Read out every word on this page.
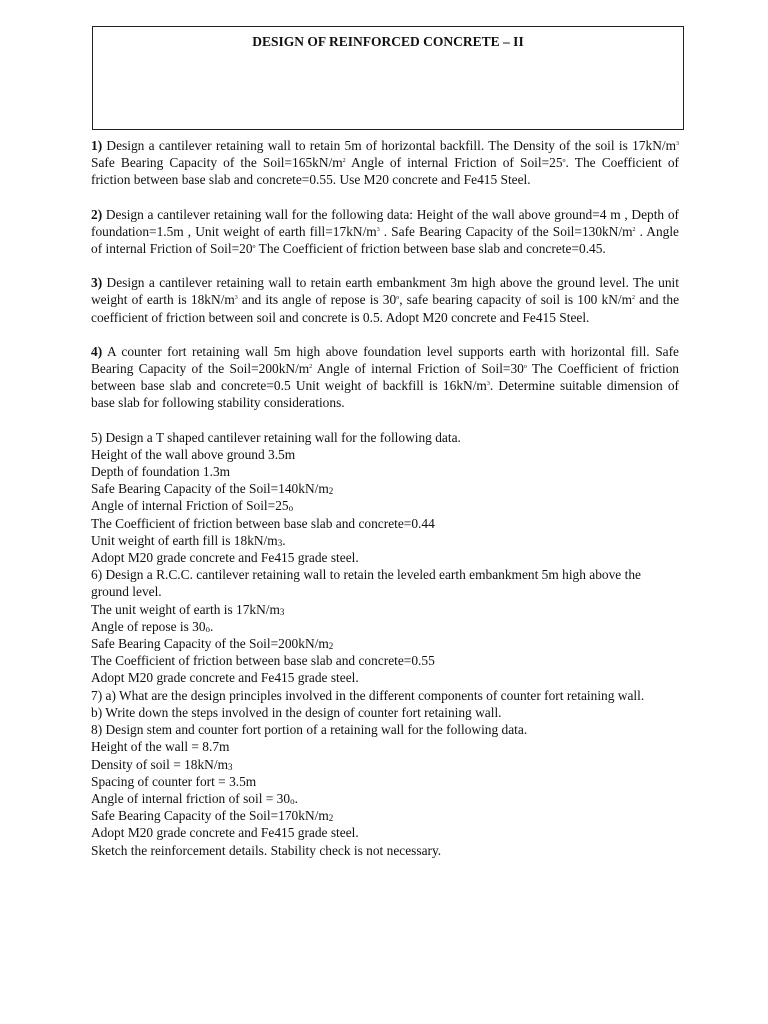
DESIGN OF REINFORCED CONCRETE – II

1) Design a cantilever retaining wall to retain 5m of horizontal backfill. The Density of the soil is $17kN/m^3$ Safe Bearing Capacity of the $Soil=165kN/m^2$ Angle of internal Friction of $Soil=25^o$. The Coefficient of friction between base slab and concrete=0.55. Use M20 concrete and Fe415 Steel.

2) Design a cantilever retaining wall for the following data: Height of the wall above ground=4 m , Depth of foundation=1.5m , Unit weight of earth $fill=17kN/m^3$ . Safe Bearing Capacity of the $Soil=130kN/m^2$ . Angle of internal Friction of $Soil=20^o$ The Coefficient of friction between base slab and concrete=0.45.

3) Design a cantilever retaining wall to retain earth embankment 3m high above the ground level. The unit weight of earth is $18kN/m^3$ and its angle of repose is 30$^o$, safe bearing capacity of soil is 100 $kN/m^2$ and the coefficient of friction between soil and concrete is 0.5. Adopt M20 concrete and Fe415 Steel.

4) A counter fort retaining wall 5m high above foundation level supports earth with horizontal fill. Safe Bearing Capacity of the $Soil=200kN/m^2$ Angle of internal Friction of $Soil=30^o$ The Coefficient of friction between base slab and concrete=0.5 Unit weight of backfill is $16kN/m^3$. Determine suitable dimension of base slab for following stability considerations.

5) Design a T shaped cantilever retaining wall for the following data.

Height of the wall above ground 3.5m

Depth of foundation 1.3m

Safe Bearing Capacity of the $Soil=140kN/m_2$

Angle of internal Friction of $Soil=25_o$

The Coefficient of friction between base slab and concrete=0.44

Unit weight of earth fill is $18kN/m_3$.

Adopt M20 grade concrete and Fe415 grade steel.

6) Design a R.C.C. cantilever retaining wall to retain the leveled earth embankment 5m high above the ground level.

The unit weight of earth is $17kN/m_3$

Angle of repose is $30_o$.

Safe Bearing Capacity of the $Soil=200kN/m_2$

The Coefficient of friction between base slab and concrete=0.55

Adopt M20 grade concrete and Fe415 grade steel.

7) a) What are the design principles involved in the different components of counter fort retaining wall.

b) Write down the steps involved in the design of counter fort retaining wall.

8) Design stem and counter fort portion of a retaining wall for the following data.

Height of the wall = 8.7m

Density of soil = $18kN/m_3$

Spacing of counter fort = 3.5m

Angle of internal friction of soil = $30_o$.

Safe Bearing Capacity of the $Soil=170kN/m_2$

Adopt M20 grade concrete and Fe415 grade steel.

Sketch the reinforcement details. Stability check is not necessary.
